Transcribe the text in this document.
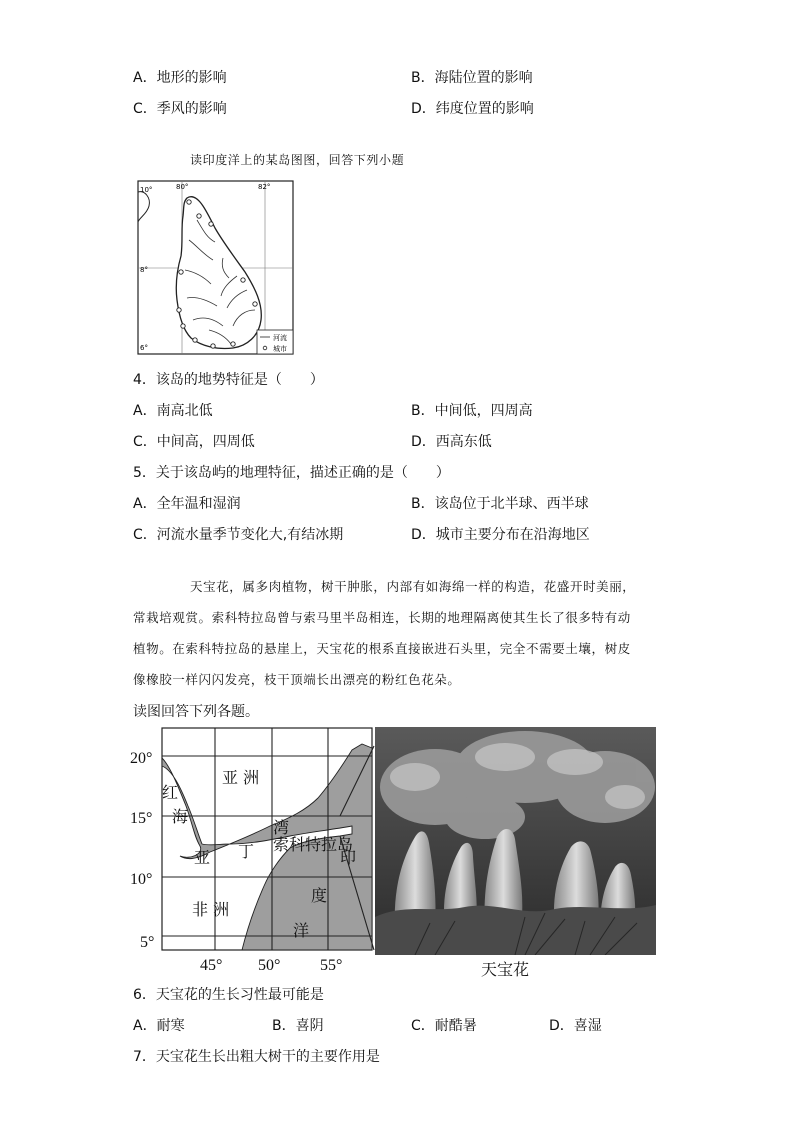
A．地形的影响	B．海陆位置的影响
C．季风的影响	D．纬度位置的影响
读印度洋上的某岛图图，回答下列小题
河流
城市
80°	82°
10°
8°
6°
4．该岛的地势特征是（　　）
A．南高北低	B．中间低，四周高
C．中间高，四周低	D．西高东低
5．关于该岛屿的地理特征，描述正确的是（　　）
A．全年温和湿润	B．该岛位于北半球、西半球
C．河流水量季节变化大,有结冰期	D．城市主要分布在沿海地区
天宝花，属多肉植物，树干肿胀，内部有如海绵一样的构造，花盛开时美丽，
常栽培观赏。索科特拉岛曾与索马里半岛相连，长期的地理隔离使其生长了很多特有动
植物。在索科特拉岛的悬崖上，天宝花的根系直接嵌进石头里，完全不需要土壤，树皮
像橡胶一样闪闪发亮，枝干顶端长出漂亮的粉红色花朵。
读图回答下列各题。
20°
15°
10°
5°
45° 50° 55°
亚 洲
红
海
亚 丁
湾
索科特拉岛
印
度
洋
非 洲
天宝花
6．天宝花的生长习性最可能是
A．耐寒	B．喜阴	C．耐酷暑	D．喜湿
7．天宝花生长出粗大树干的主要作用是
